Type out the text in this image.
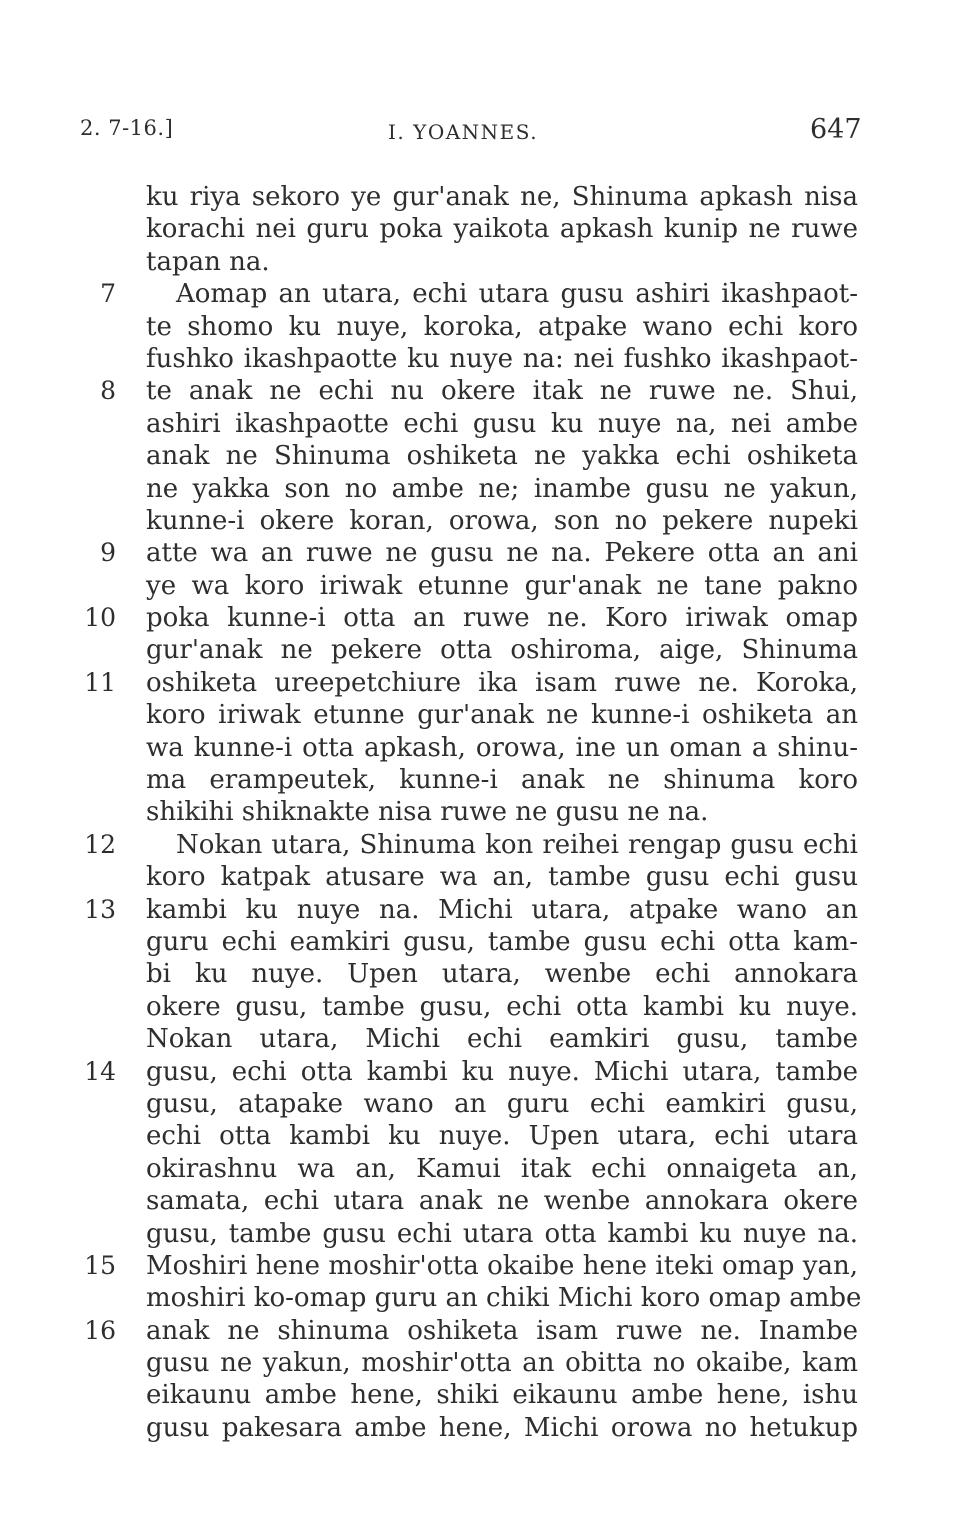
2. 7-16.]	I. YOANNES.	647
ku riya sekoro ye gur'anak ne, Shinuma apkash nisa
korachi nei guru poka yaikota apkash kunip ne ruwe
tapan na.
7 Aomap an utara, echi utara gusu ashiri ikashpaot-
te shomo ku nuye, koroka, atpake wano echi koro
fushko ikashpaotte ku nuye na: nei fushko ikashpaot-
8 te anak ne echi nu okere itak ne ruwe ne. Shui,
ashiri ikashpaotte echi gusu ku nuye na, nei ambe
anak ne Shinuma oshiketa ne yakka echi oshiketa
ne yakka son no ambe ne; inambe gusu ne yakun,
kunne-i okere koran, orowa, son no pekere nupeki
9 atte wa an ruwe ne gusu ne na. Pekere otta an ani
ye wa koro iriwak etunne gur'anak ne tane pakno
10 poka kunne-i otta an ruwe ne. Koro iriwak omap
gur'anak ne pekere otta oshiroma, aige, Shinuma
11 oshiketa ureepetchiure ika isam ruwe ne. Koroka,
koro iriwak etunne gur'anak ne kunne-i oshiketa an
wa kunne-i otta apkash, orowa, ine un oman a shinu-
ma erampeutek, kunne-i anak ne shinuma koro
shikihi shiknakte nisa ruwe ne gusu ne na.
12 Nokan utara, Shinuma kon reihei rengap gusu echi
koro katpak atusare wa an, tambe gusu echi gusu
13 kambi ku nuye na. Michi utara, atpake wano an
guru echi eamkiri gusu, tambe gusu echi otta kam-
bi ku nuye. Upen utara, wenbe echi annokara
okere gusu, tambe gusu, echi otta kambi ku nuye.
Nokan utara, Michi echi eamkiri gusu, tambe
14 gusu, echi otta kambi ku nuye. Michi utara, tambe
gusu, atapake wano an guru echi eamkiri gusu,
echi otta kambi ku nuye. Upen utara, echi utara
okirashnu wa an, Kamui itak echi onnaigeta an,
samata, echi utara anak ne wenbe annokara okere
gusu, tambe gusu echi utara otta kambi ku nuye na.
15 Moshiri hene moshir'otta okaibe hene iteki omap yan,
moshiri ko-omap guru an chiki Michi koro omap ambe
16 anak ne shinuma oshiketa isam ruwe ne. Inambe
gusu ne yakun, moshir'otta an obitta no okaibe, kam
eikaunu ambe hene, shiki eikaunu ambe hene, ishu
gusu pakesara ambe hene, Michi orowa no hetukup
